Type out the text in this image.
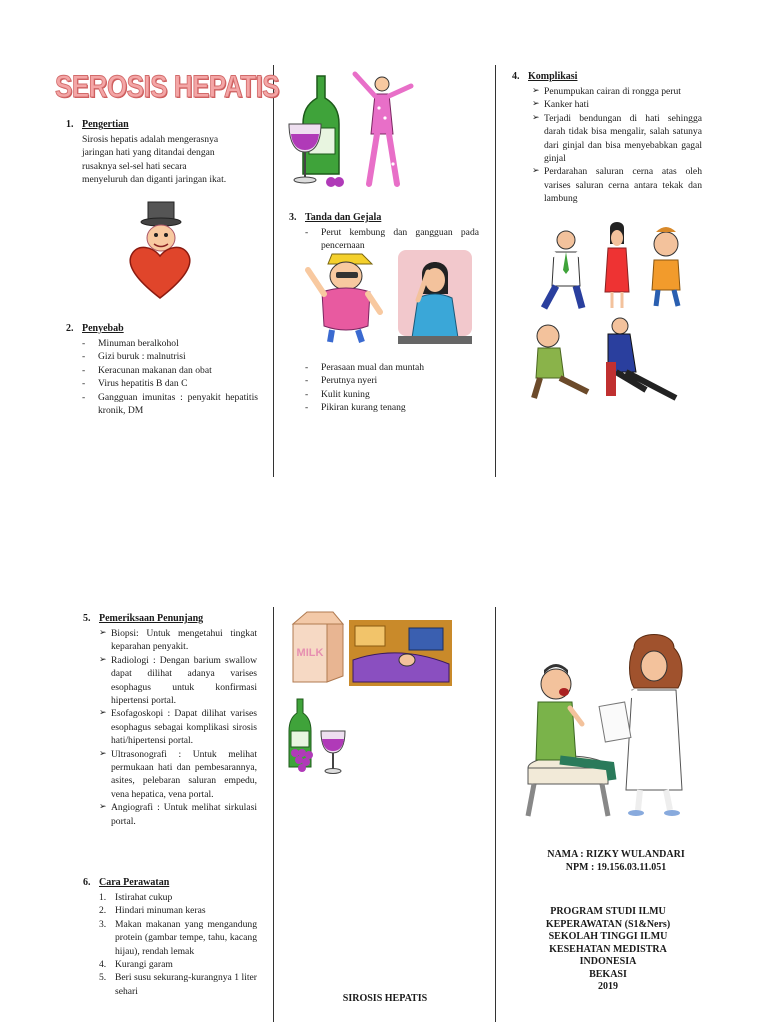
SEROSIS HEPATIS
1. Pengertian
Sirosis hepatis adalah mengerasnya
jaringan hati yang ditandai dengan
rusaknya sel-sel hati secara
menyeluruh dan diganti jaringan ikat.
2. Penyebab
- Minuman beralkohol
- Gizi buruk : malnutrisi
- Keracunan makanan dan obat
- Virus hepatitis B dan C
- Gangguan imunitas : penyakit hepatitis kronik, DM
3. Tanda dan Gejala
- Perut kembung dan gangguan pada pencernaan
- Perasaan mual dan muntah
- Perutnya nyeri
- Kulit kuning
- Pikiran kurang tenang
4. Komplikasi
➢ Penumpukan cairan di rongga perut
➢ Kanker hati
➢ Terjadi bendungan di hati sehingga darah tidak bisa mengalir, salah satunya dari ginjal dan bisa menyebabkan gagal ginjal
➢ Perdarahan saluran cerna atas oleh varises saluran cerna antara tekak dan lambung
5. Pemeriksaan Penunjang
➢ Biopsi: Untuk mengetahui tingkat keparahan penyakit.
➢ Radiologi : Dengan barium swallow dapat dilihat adanya varises esophagus untuk konfirmasi hipertensi portal.
➢ Esofagoskopi : Dapat dilihat varises esophagus sebagai komplikasi sirosis hati/hipertensi portal.
➢ Ultrasonografi : Untuk melihat permukaan hati dan pembesarannya, asites, pelebaran saluran empedu, vena hepatica, vena portal.
➢ Angiografi : Untuk melihat sirkulasi portal.
6. Cara Perawatan
1. Istirahat cukup
2. Hindari minuman keras
3. Makan makanan yang mengandung protein (gambar tempe, tahu, kacang hijau), rendah lemak
4. Kurangi garam
5. Beri susu sekurang-kurangnya 1 liter sehari
MILK
SIROSIS HEPATIS
NAMA : RIZKY WULANDARI
NPM : 19.156.03.11.051
PROGRAM STUDI ILMU
KEPERAWATAN (S1&Ners)
SEKOLAH TINGGI ILMU
KESEHATAN MEDISTRA
INDONESIA
BEKASI
2019
